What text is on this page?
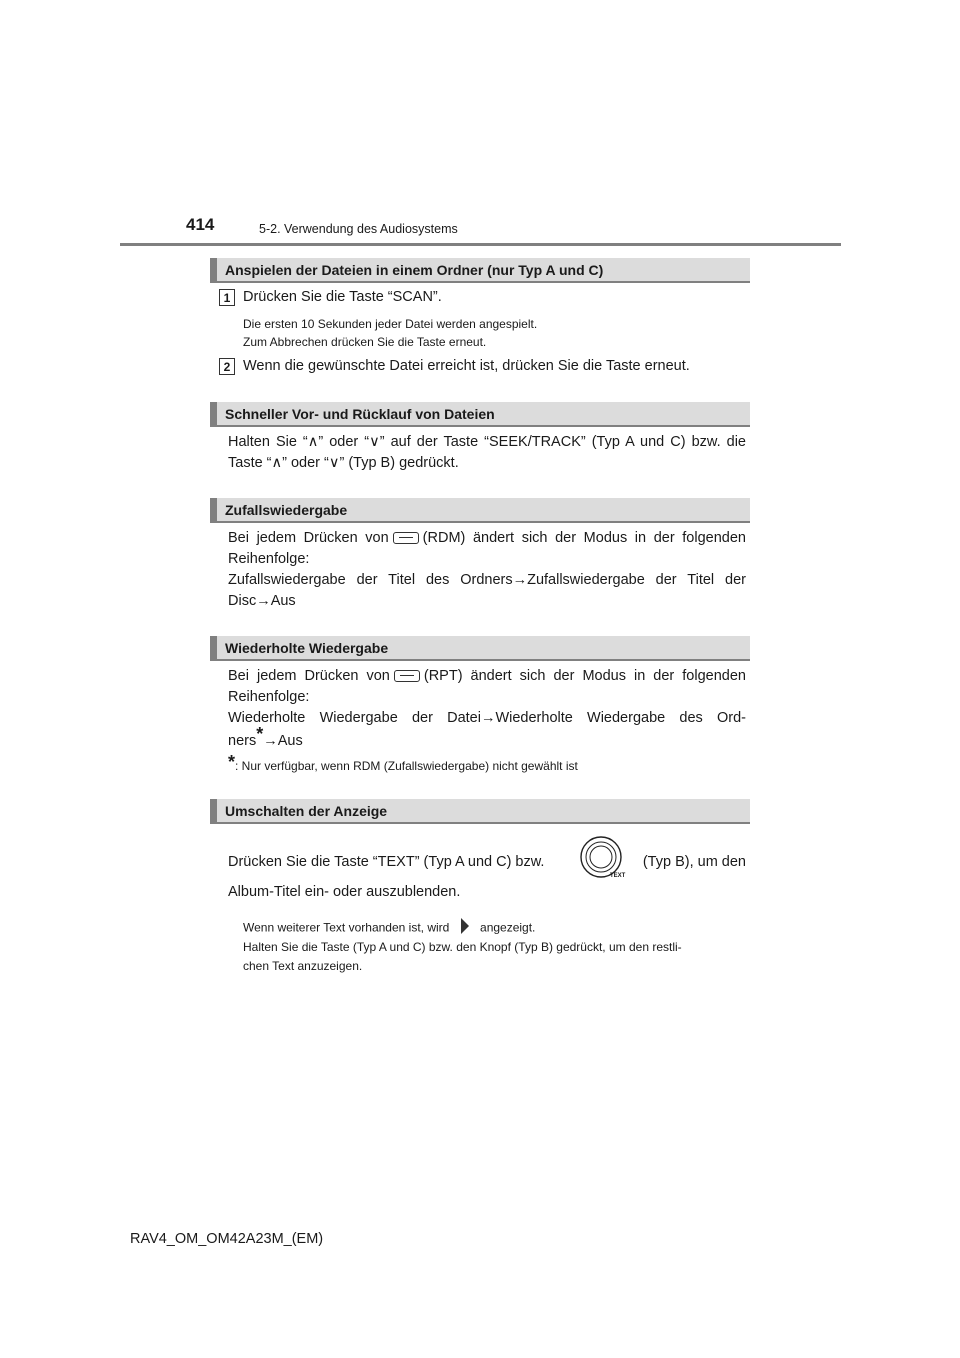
414	5-2. Verwendung des Audiosystems
Anspielen der Dateien in einem Ordner (nur Typ A und C)
1 Drücken Sie die Taste “SCAN”.
Die ersten 10 Sekunden jeder Datei werden angespielt.
Zum Abbrechen drücken Sie die Taste erneut.
2 Wenn die gewünschte Datei erreicht ist, drücken Sie die Taste erneut.
Schneller Vor- und Rücklauf von Dateien
Halten Sie “∧” oder “∨” auf der Taste “SEEK/TRACK” (Typ A und C) bzw. die
Taste “∧” oder “∨” (Typ B) gedrückt.
Zufallswiedergabe
Bei jedem Drücken von (RDM) ändert sich der Modus in der folgenden
Reihenfolge:
Zufallswiedergabe der Titel des Ordners→Zufallswiedergabe der Titel der
Disc→Aus
Wiederholte Wiedergabe
Bei jedem Drücken von (RPT) ändert sich der Modus in der folgenden
Reihenfolge:
Wiederholte Wiedergabe der Datei→Wiederholte Wiedergabe des Ord-
ners*→Aus
*: Nur verfügbar, wenn RDM (Zufallswiedergabe) nicht gewählt ist
Umschalten der Anzeige
Drücken Sie die Taste “TEXT” (Typ A und C) bzw.	(Typ B), um den
TEXT
Album-Titel ein- oder auszublenden.
Wenn weiterer Text vorhanden ist, wird	angezeigt.
Halten Sie die Taste (Typ A und C) bzw. den Knopf (Typ B) gedrückt, um den restli-
chen Text anzuzeigen.
RAV4_OM_OM42A23M_(EM)
